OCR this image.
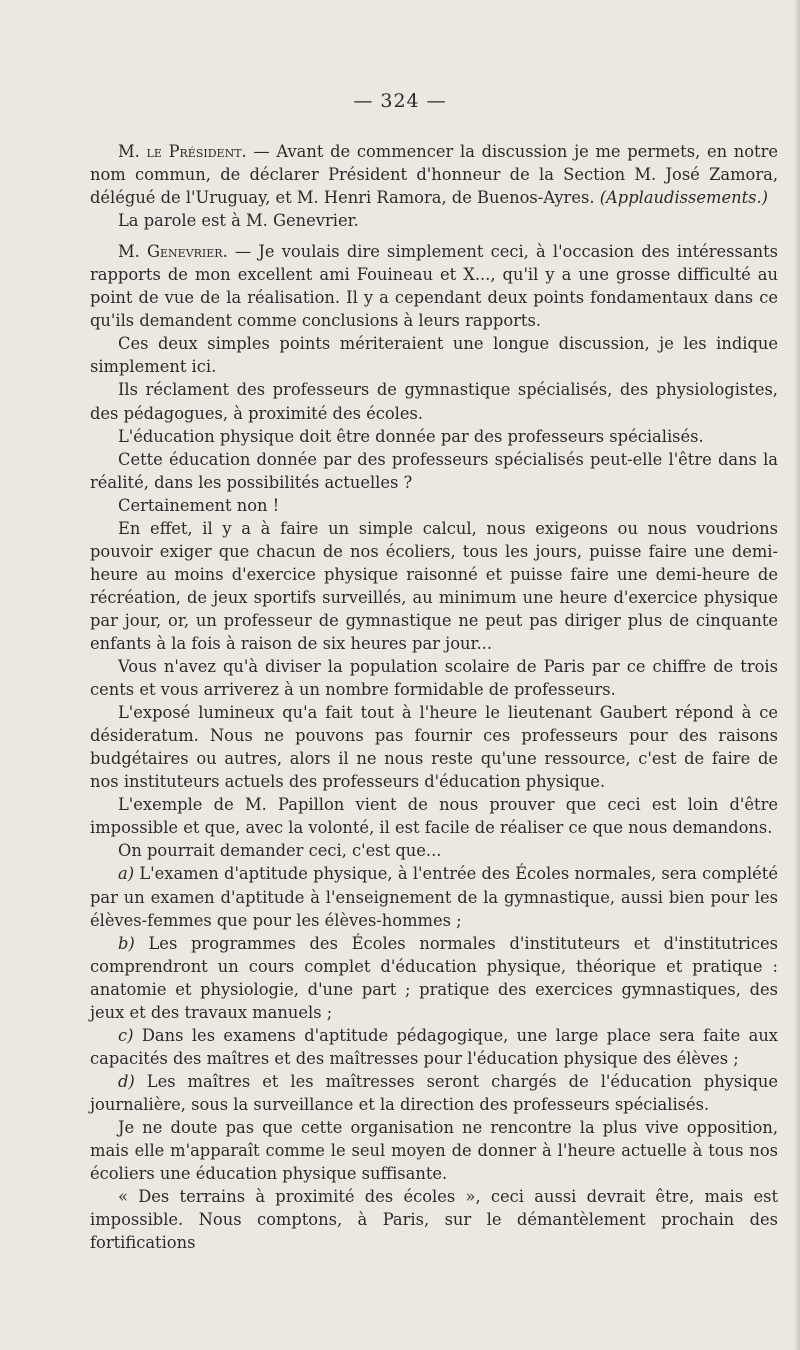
— 324 —

M. le Président. — Avant de commencer la discussion je me permets, en notre nom commun, de déclarer Président d'honneur de la Section M. José Zamora, délégué de l'Uruguay, et M. Henri Ramora, de Buenos-Ayres. (Applaudissements.)

La parole est à M. Genevrier.

M. Genevrier. — Je voulais dire simplement ceci, à l'occasion des intéressants rapports de mon excellent ami Fouineau et X..., qu'il y a une grosse difficulté au point de vue de la réalisation. Il y a cependant deux points fondamentaux dans ce qu'ils demandent comme conclusions à leurs rapports.

Ces deux simples points mériteraient une longue discussion, je les indique simplement ici.

Ils réclament des professeurs de gymnastique spécialisés, des physiologistes, des pédagogues, à proximité des écoles.

L'éducation physique doit être donnée par des professeurs spécialisés.

Cette éducation donnée par des professeurs spécialisés peut-elle l'être dans la réalité, dans les possibilités actuelles ?

Certainement non !

En effet, il y a à faire un simple calcul, nous exigeons ou nous voudrions pouvoir exiger que chacun de nos écoliers, tous les jours, puisse faire une demi-heure au moins d'exercice physique raisonné et puisse faire une demi-heure de récréation, de jeux sportifs surveillés, au minimum une heure d'exercice physique par jour, or, un professeur de gymnastique ne peut pas diriger plus de cinquante enfants à la fois à raison de six heures par jour...

Vous n'avez qu'à diviser la population scolaire de Paris par ce chiffre de trois cents et vous arriverez à un nombre formidable de professeurs.

L'exposé lumineux qu'a fait tout à l'heure le lieutenant Gaubert répond à ce désideratum. Nous ne pouvons pas fournir ces professeurs pour des raisons budgétaires ou autres, alors il ne nous reste qu'une ressource, c'est de faire de nos instituteurs actuels des professeurs d'éducation physique.

L'exemple de M. Papillon vient de nous prouver que ceci est loin d'être impossible et que, avec la volonté, il est facile de réaliser ce que nous demandons.

On pourrait demander ceci, c'est que...

a) L'examen d'aptitude physique, à l'entrée des Écoles normales, sera complété par un examen d'aptitude à l'enseignement de la gymnastique, aussi bien pour les élèves-femmes que pour les élèves-hommes ;

b) Les programmes des Écoles normales d'instituteurs et d'institutrices comprendront un cours complet d'éducation physique, théorique et pratique : anatomie et physiologie, d'une part ; pratique des exercices gymnastiques, des jeux et des travaux manuels ;

c) Dans les examens d'aptitude pédagogique, une large place sera faite aux capacités des maîtres et des maîtresses pour l'éducation physique des élèves ;

d) Les maîtres et les maîtresses seront chargés de l'éducation physique journalière, sous la surveillance et la direction des professeurs spécialisés.

Je ne doute pas que cette organisation ne rencontre la plus vive opposition, mais elle m'apparaît comme le seul moyen de donner à l'heure actuelle à tous nos écoliers une éducation physique suffisante.

« Des terrains à proximité des écoles », ceci aussi devrait être, mais est impossible. Nous comptons, à Paris, sur le démantèlement prochain des fortifications
